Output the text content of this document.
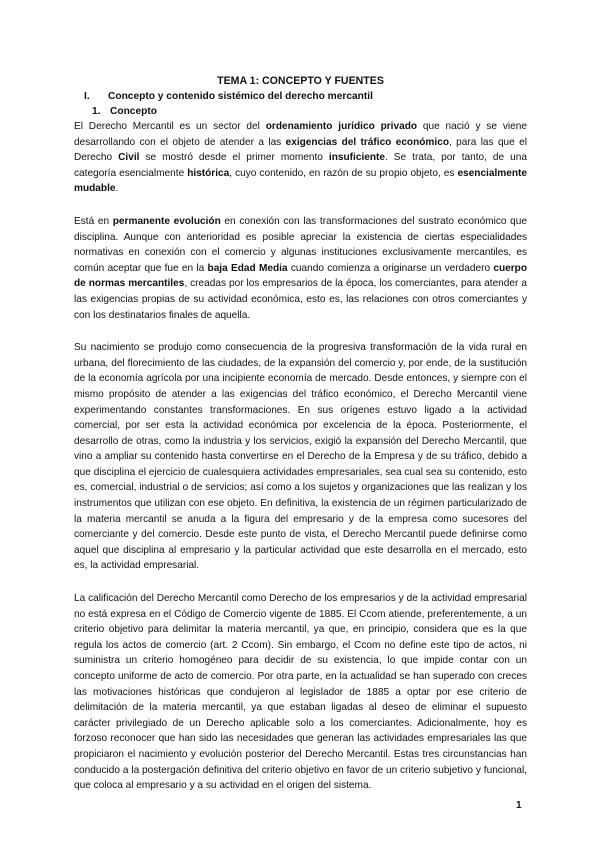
TEMA 1: CONCEPTO Y FUENTES

I.	Concepto y contenido sistémico del derecho mercantil
1. Concepto

El Derecho Mercantil es un sector del ordenamiento jurídico privado que nació y se viene desarrollando con el objeto de atender a las exigencias del tráfico económico, para las que el Derecho Civil se mostró desde el primer momento insuficiente. Se trata, por tanto, de una categoría esencialmente histórica, cuyo contenido, en razón de su propio objeto, es esencialmente mudable.

Está en permanente evolución en conexión con las transformaciones del sustrato económico que disciplina. Aunque con anterioridad es posible apreciar la existencia de ciertas especialidades normativas en conexión con el comercio y algunas instituciones exclusivamente mercantiles, es común aceptar que fue en la baja Edad Media cuando comienza a originarse un verdadero cuerpo de normas mercantiles, creadas por los empresarios de la época, los comerciantes, para atender a las exigencias propias de su actividad económica, esto es, las relaciones con otros comerciantes y con los destinatarios finales de aquella.

Su nacimiento se produjo como consecuencia de la progresiva transformación de la vida rural en urbana, del florecimiento de las ciudades, de la expansión del comercio y, por ende, de la sustitución de la economía agrícola por una incipiente economía de mercado. Desde entonces, y siempre con el mismo propósito de atender a las exigencias del tráfico económico, el Derecho Mercantil viene experimentando constantes transformaciones. En sus orígenes estuvo ligado a la actividad comercial, por ser esta la actividad económica por excelencia de la época. Posteriormente, el desarrollo de otras, como la industria y los servicios, exigió la expansión del Derecho Mercantil, que vino a ampliar su contenido hasta convertirse en el Derecho de la Empresa y de su tráfico, debido a que disciplina el ejercicio de cualesquiera actividades empresariales, sea cual sea su contenido, esto es, comercial, industrial o de servicios; así como a los sujetos y organizaciones que las realizan y los instrumentos que utilizan con ese objeto. En definitiva, la existencia de un régimen particularizado de la materia mercantil se anuda a la figura del empresario y de la empresa como sucesores del comerciante y del comercio. Desde este punto de vista, el Derecho Mercantil puede definirse como aquel que disciplina al empresario y la particular actividad que este desarrolla en el mercado, esto es, la actividad empresarial.

La calificación del Derecho Mercantil como Derecho de los empresarios y de la actividad empresarial no está expresa en el Código de Comercio vigente de 1885. El Ccom atiende, preferentemente, a un criterio objetivo para delimitar la materia mercantil, ya que, en principio, considera que es la que regula los actos de comercio (art. 2 Ccom). Sin embargo, el Ccom no define este tipo de actos, ni suministra un criterio homogéneo para decidir de su existencia, lo que impide contar con un concepto uniforme de acto de comercio. Por otra parte, en la actualidad se han superado con creces las motivaciones históricas que condujeron al legislador de 1885 a optar por ese criterio de delimitación de la materia mercantil, ya que estaban ligadas al deseo de eliminar el supuesto carácter privilegiado de un Derecho aplicable solo a los comerciantes. Adicionalmente, hoy es forzoso reconocer que han sido las necesidades que generan las actividades empresariales las que propiciaron el nacimiento y evolución posterior del Derecho Mercantil. Estas tres circunstancias han conducido a la postergación definitiva del criterio objetivo en favor de un criterio subjetivo y funcional, que coloca al empresario y a su actividad en el origen del sistema.

1
